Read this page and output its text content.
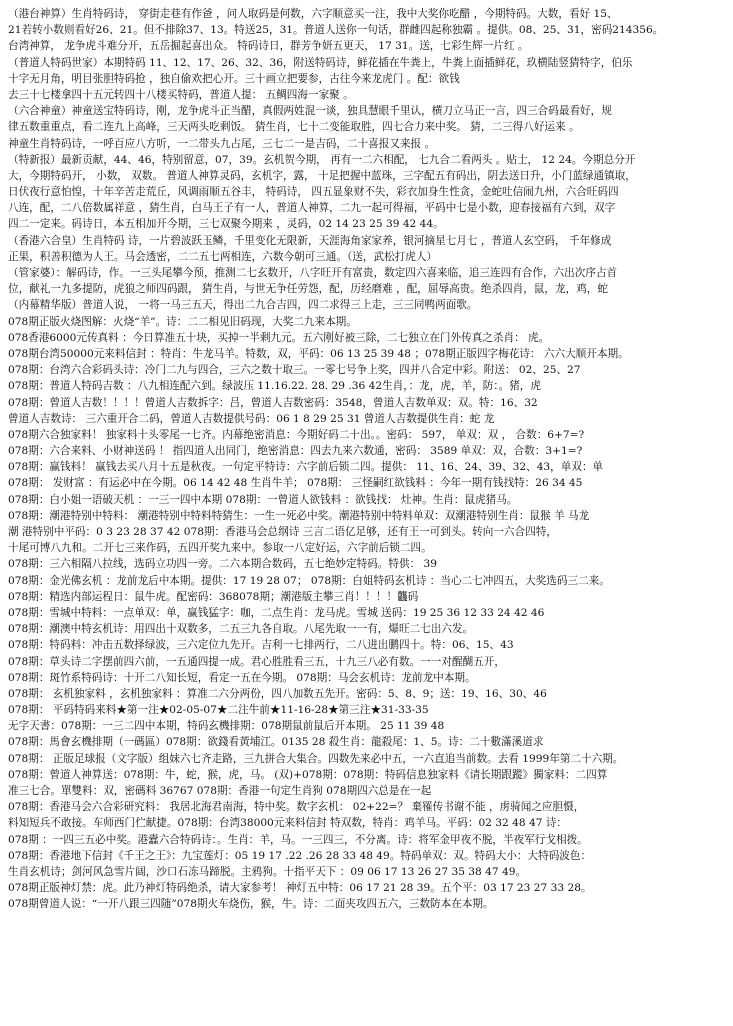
（港台神算）生肖特码诗， 穿街走巷有作爸 ，问人取码是何数，六字顺意买一注，我中大奖你吃醋 ，今期特码。大数，看好 15、
21若转小数则看好26、21。但不排除37、13。特送25，31。普道人送你一句话，群雌四起称独霸 。提供。08、25、31，密码214356。
台湾神算， 龙争虎斗难分开，五岳掘起喜出众。 特码诗日，群芳争妍五更天， 17 31。送，七彩生辉一片红 。
（普道人特码世家）本期特码 11、12、17、26、32、36，附送特码诗，鲜花插在牛粪上，牛粪上面插鲜花，玖横陆竖猜特字，伯乐
十字无月角，明目张胆特码抢 ，独自偷欢把心开。三十画立把要参，古往今来龙虎门 。配：欲钱
去三十七楼拿四十五元转四十八楼买特码，普道人提： 五鲷四海一家聚 。
（六合神童）神童送宝特码诗，刚，龙争虎斗正当醋，真假两姓混一谈，独具慧眼千里认，横刀立马正一言，四三合码最看好，规
律五数重重点，看二连九上高峰，三天两头吃剩饭。 猜生肖，七十二变能取胜，四七合力来中奖。 猜，二三得八好运来 。
神童生肖特码诗，一呼百应八方听，一二带头九占尾，三七二一是吉码，二十喜报又来报 。
（特新报）最新贡献，44、46，特别留意，07，39。玄机贺今期， 再有一二六相配， 七九合二看两头 。贴士， 12 24。今期总分开
大，今期特码开， 小数， 双数。 普道人神算灵码，玄机字，露， 十足把握中蓝珠，三字配五有码出，阴去送日升，小门蓝绿通镇取，
日伏夜行意怕惶，十年辛苦走荒丘，风调雨顺五谷丰， 特码诗， 四五显象财不失，彩衣加身生性贪，金蛇吐信闹九州，六合旺码四
八连，配，二八倍数属祥意 ，猜生肖，白马王子有一人，普道人神算，二九一起可得福，平码中七是小数，迎春接福有六到，双字
四二一定来。码诗日，本五相加开今期，三七双聚今期来 ，灵码，02 14 23 25 39 42 44。
（香港六合皇）生肖特码 诗，一片碧波跃玉鳞，千里变化无限新，天涯海角家家养，银河摘星七月七 ，普道人玄空码， 千年修成
正果，积善积德为人王。马会透密，二二五七两相连，六数今朝可三通。（送，武松打虎人）
（管家婆）：解码诗，作。一三头尾攀今预，推测二七玄数开，八字旺开有富贵，数定四六喜来临，追三连四有合作，六出次序占首
位，献礼一九多提防，虎狼之师四码跟， 猜生肖，与世无争任劳怨，配，历经磨难 ，配，屈辱高贵。绝杀四肖，鼠，龙，鸡，蛇
（内幕精华版）普道人说， 一将一马三五天，得出二九合吉四，四二求得三上走，三三同鸭两面歌。
078期正版火烧图解：火烧“羊”。诗：二二相见旧码现，大奖二九来本期。
078香港6000元传真料 ：今日算准五十块，买掉一半剩九元。五六刚好被三除，二七独立在门外传真之杀肖： 虎。
078期台湾50000元来料信封 ：特肖：牛龙马羊。特数，双，平码：06 13 25 39 48 ；078期正版四字梅花诗： 六六大顺开本期。
078期：台湾六合彩码头诗：冷门二九与四合，三六之数十取三。一零七号争上奖，四并八合定中彩。附送： 02、25、27
078期：普道人特码吉数 ：八九相连配六到。绿波压 11.16.22. 28. 29 .36 42生肖，：龙，虎，羊，防：。猪，虎
078期：曾道人吉数！！！！曾道人吉数拆字：吕，曾道人吉数密码：3548，曾道人吉数单双：双。特：16、32
曾道人吉数诗： 三六重开合二码，曾道人吉数提供号码：06 1 8 29 25 31 曾道人吉数提供生肖：蛇 龙
078期六合独家料！ 独家料十头零尾一七齐。内幕绝密消息：今期好码二十出。。密码： 597， 单双：双 ， 合数：6+7=?
078期：六合来料、小财神送码 ！ 指四道人出同门，绝密消息：四去九来六数通，密码： 3589 单双：双，合数：3+1=?
078期：赢钱料！ 赢钱去买八月十五是秋夜。一句定平特诗：六字前后锁二四。提供： 11、16、24、39、32、43，单双：单
078期： 发财富 ：有运必中在今期。06 14 42 48 生肖牛羊； 078期： 三怪嗣红欲钱料 ：今年一期有钱找特：26 34 45
078期：白小姐一语破天机 ：一三一四中本期 078期：一曾道人欲钱料 ：欲钱找： 灶神。生肖：鼠虎猪马。
078期：潮港特别中特料： 潮港特别中特料特猜生：一生一死必中奖。潮港特别中特料单双：双潮港特别生肖：鼠猴 羊 马龙
潮 港特别中平码：0 3 23 28 37 42 078期：香港马会总纲诗 三言二语亿足够，还有王一可到头。转向一六合四特，
十尾可博八九和。二开七三来作码，五四开奖九来中。参取一八定好运，六字前后锁二四。
078期：三六相隔八拉线，选码立功四一旁。二六本期合数码，五七绝妙定特码。特供： 39
078期：金光佛玄机 ：龙前龙后中本期。提供：17 19 28 07； 078期：白姐特码玄机诗 ：当心二七冲四五，大奖选码三二来。
078期：精选内部运程日：鼠牛虎。配密码：368078期；潮港版主攀三肖！！！！龘码
078期：雪城中特料：一点单双：单，赢钱猛字：咖，二点生肖：龙马虎。雪城 送码：19 25 36 12 33 24 42 46
078期：潮澳中特玄机诗：用四出十双数多，二五三九各自取。八尾先取一一有，爆旺二七出六发。
078期：特码料：冲击五数择绿波，三六定位九先开。吉利一七排两行，二八进出鹏四十。特：06、15、43
078期：草头诗二字摆前四六前，一五通四提一成。君心胜胜看三五，十九三八必有数。一一对醒醐五开，
078期：斑竹系特码诗：十开二八知长短，看定一五在今期。 078期：马会玄机诗：龙前龙中本期。
078期： 玄机独家料 ，玄机独家料 ：算准二六分两份，四八加数五先开。密码：5、8、9；送：19、16、30、46
078期： 平码特码来料★第一注★02-05-07★二注牛前★11-16-28★第三注★31-33-35
无字天書：078期：一三二四中本期，特码玄機排期：078期鼠前鼠后开本期。 25 11 39 48
078期：馬會玄機排期（一碼區）078期：欲錢看黃埔江。0135 28 殺生肖：龍殺尾：1、5。诗：二十數滿溪道求
078期： 正版足球报（文字版）组妹六七齐走路，三九拼合大集合。四数先来必中五，一六直追当前数。去看 1999年第二十六期。
078期：曾道人神算送：078期：牛，蛇，猴，虎，马。 (双)+078期：078期：特码信息独家料《请长期跟蹤》獨家料：二四算
准三七合。單雙料：双，密碼料 36767 078期：香港一句定生肖狗 078期四六总是在一起
078期：香港马会六合彩研究料： 我居北海君南海，特中奖。数字玄机： 02+22=？ 棄罹传书谢不能 ，虏骑闻之应胆慑，
料知短兵不敢接。车师西门伫献捷。078期：台湾38000元来料信封 特双数，特肖：鸡羊马。平码：02 32 48 47 诗：
078期 ：一四三五必中奖。港蠹六合特码诗：。生肖：羊，马。一三四三，不分离。诗：将军金甲夜不脱，半夜军行戈相拨。
078期：香港地下信封《千王之王》：九宝莲灯：05 19 17 .22 .26 28 33 48 49。特码单双：双。特码大小：大特码波色：
生肖玄机诗；剑河风急雪片阔，沙口石冻马蹄脱。主鸦狗。十指平天下 ：09 06 17 13 26 27 35 38 47 49。
078期正版神灯禁：虎。此乃神灯特码绝杀，请大家参考！ 神灯五中特：06 17 21 28 39。五个平：03 17 23 27 33 28。
078期曾道人说：“一开八跟三四随”078期火车烧伤，猴，牛。诗：二面夹攻四五六，三数防本在本期。
